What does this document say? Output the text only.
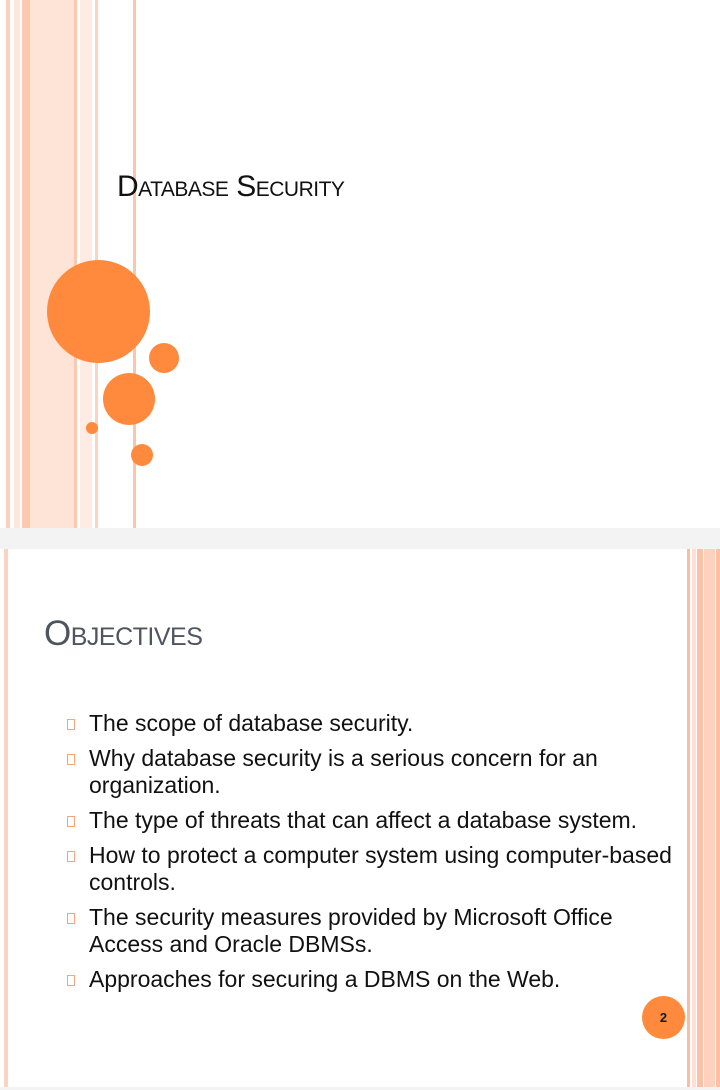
Database Security
Objectives
The scope of database security.
Why database security is a serious concern for an organization.
The type of threats that can affect a database system.
How to protect a computer system using computer-based controls.
The security measures provided by Microsoft Office Access and Oracle DBMSs.
Approaches for securing a DBMS on the Web.
2
